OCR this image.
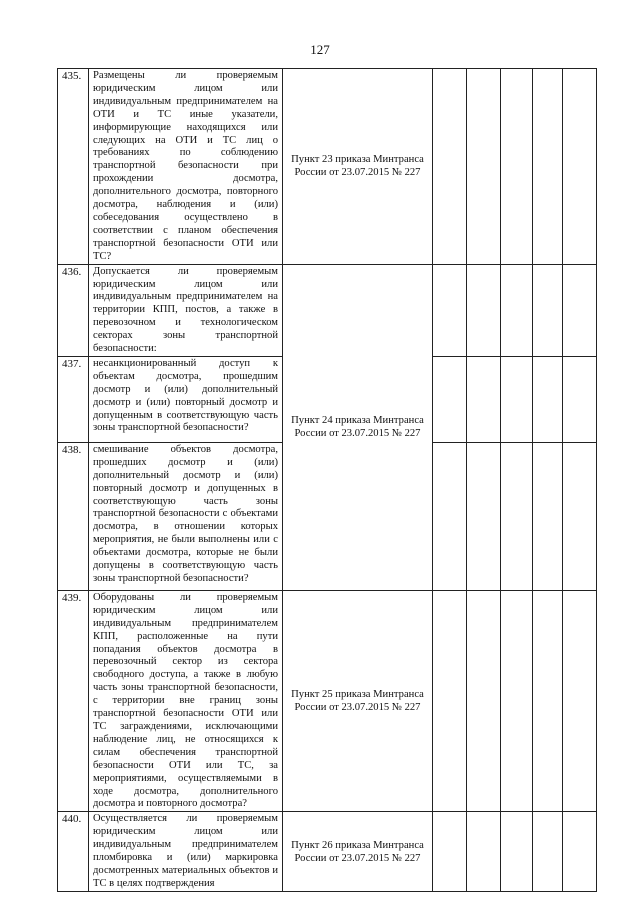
127
435.	Размещены ли проверяемым юридическим лицом или индивидуальным предпринимателем на ОТИ и ТС иные указатели, информирующие находящихся или следующих на ОТИ и ТС лиц о требованиях по соблюдению транспортной безопасности при прохождении досмотра, дополнительного досмотра, повторного досмотра, наблюдения и (или) собеседования осуществлено в соответствии с планом обеспечения транспортной безопасности ОТИ или ТС?	Пункт 23 приказа Минтранса России от 23.07.2015 № 227					
436.	Допускается ли проверяемым юридическим лицом или индивидуальным предпринимателем на территории КПП, постов, а также в перевозочном и технологическом секторах зоны транспортной безопасности:	Пункт 24 приказа Минтранса России от 23.07.2015 № 227					
437.	несанкционированный доступ к объектам досмотра, прошедшим досмотр и (или) дополнительный досмотр и (или) повторный досмотр и допущенным в соответствующую часть зоны транспортной безопасности?						
438.	смешивание объектов досмотра, прошедших досмотр и (или) дополнительный досмотр и (или) повторный досмотр и допущенных в соответствующую часть зоны транспортной безопасности с объектами досмотра, в отношении которых мероприятия, не были выполнены или с объектами досмотра, которые не были допущены в соответствующую часть зоны транспортной безопасности?						
439.	Оборудованы ли проверяемым юридическим лицом или индивидуальным предпринимателем КПП, расположенные на пути попадания объектов досмотра в перевозочный сектор из сектора свободного доступа, а также в любую часть зоны транспортной безопасности, с территории вне границ зоны транспортной безопасности ОТИ или ТС заграждениями, исключающими наблюдение лиц, не относящихся к силам обеспечения транспортной безопасности ОТИ или ТС, за мероприятиями, осуществляемыми в ходе досмотра, дополнительного досмотра и повторного досмотра?	Пункт 25 приказа Минтранса России от 23.07.2015 № 227					
440.	Осуществляется ли проверяемым юридическим лицом или индивидуальным предпринимателем пломбировка и (или) маркировка досмотренных материальных объектов и ТС в целях подтверждения	Пункт 26 приказа Минтранса России от 23.07.2015 № 227					
